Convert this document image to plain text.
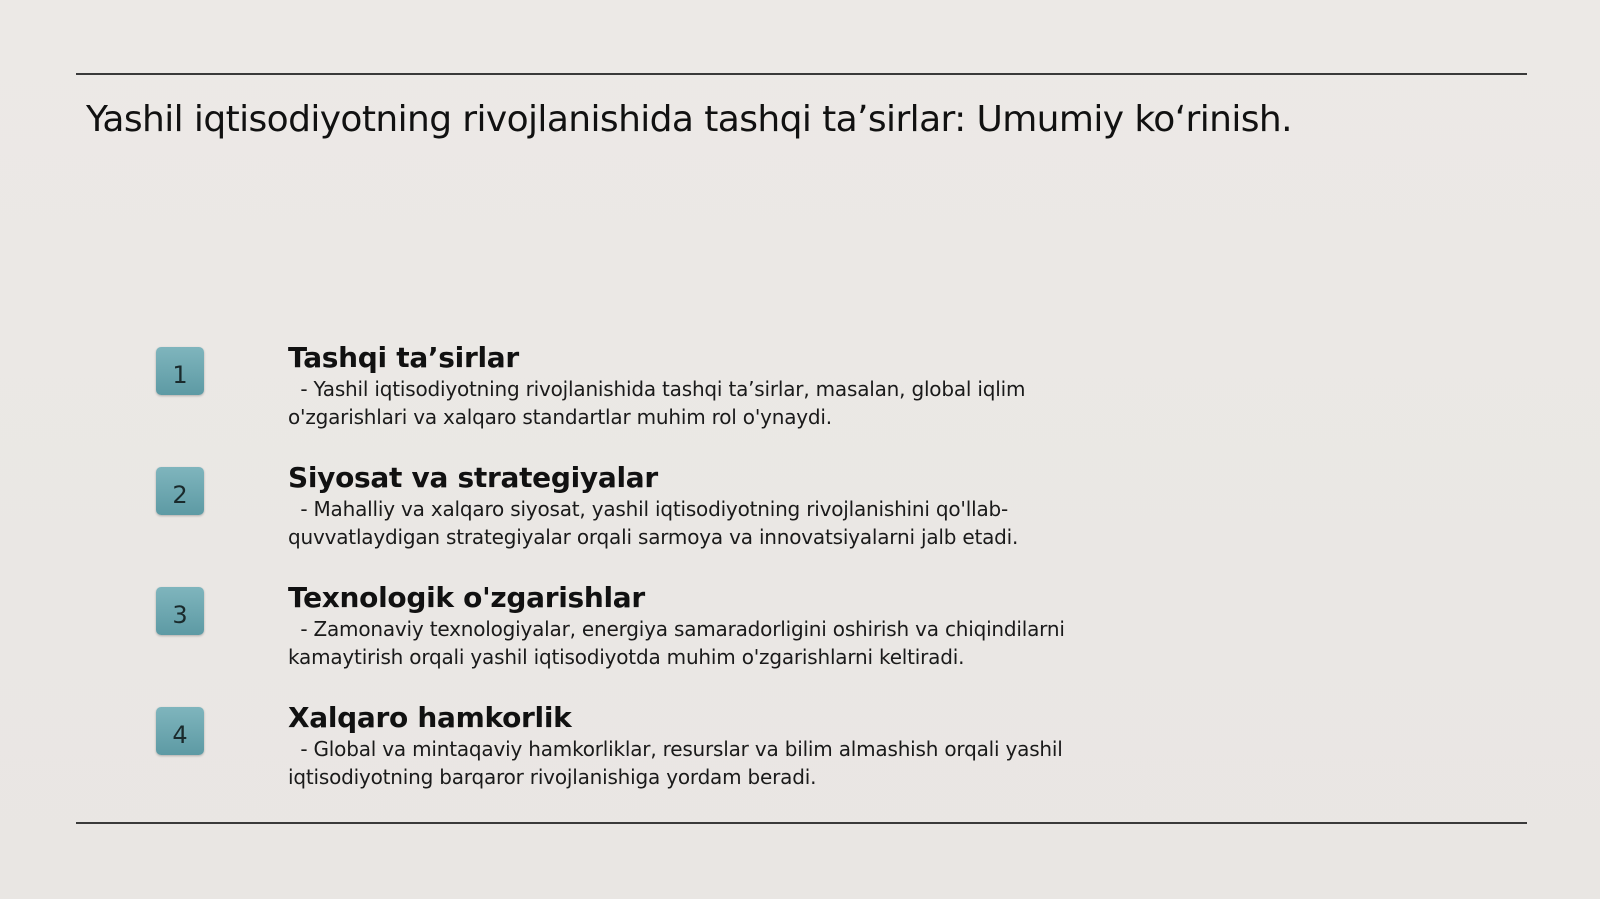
Yashil iqtisodiyotning rivojlanishida tashqi ta’sirlar: Umumiy ko‘rinish.
1
Tashqi ta’sirlar
- Yashil iqtisodiyotning rivojlanishida tashqi ta’sirlar, masalan, global iqlim o'zgarishlari va xalqaro standartlar muhim rol o'ynaydi.
2
Siyosat va strategiyalar
- Mahalliy va xalqaro siyosat, yashil iqtisodiyotning rivojlanishini qo'llab-quvvatlaydigan strategiyalar orqali sarmoya va innovatsiyalarni jalb etadi.
3
Texnologik o'zgarishlar
- Zamonaviy texnologiyalar, energiya samaradorligini oshirish va chiqindilarni kamaytirish orqali yashil iqtisodiyotda muhim o'zgarishlarni keltiradi.
4
Xalqaro hamkorlik
- Global va mintaqaviy hamkorliklar, resurslar va bilim almashish orqali yashil iqtisodiyotning barqaror rivojlanishiga yordam beradi.
